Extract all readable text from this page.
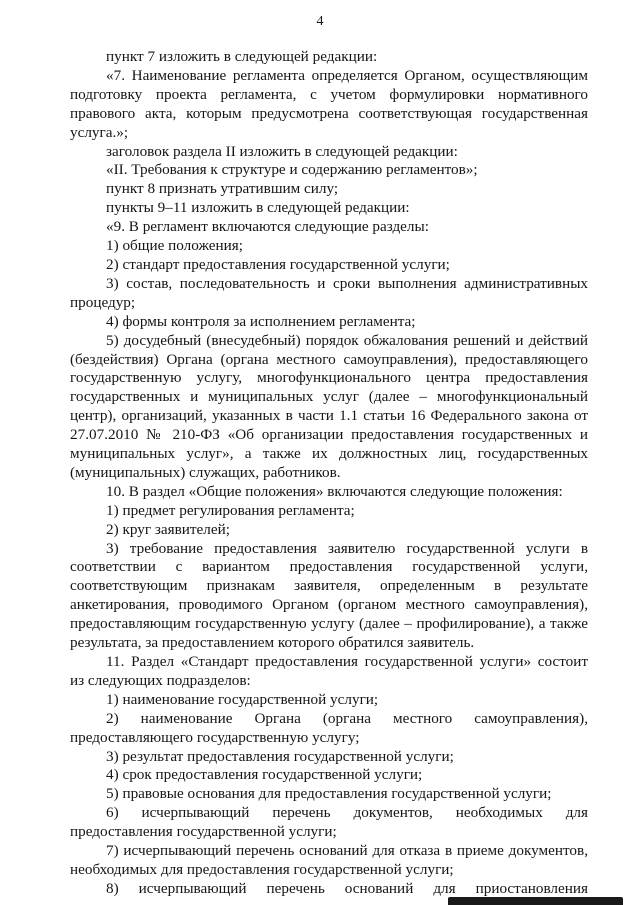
4

пункт 7 изложить в следующей редакции:

«7. Наименование регламента определяется Органом, осуществляющим подготовку проекта регламента, с учетом формулировки нормативного правового акта, которым предусмотрена соответствующая государственная услуга.»;

заголовок раздела II изложить в следующей редакции:

«II. Требования к структуре и содержанию регламентов»;

пункт 8 признать утратившим силу;

пункты 9–11 изложить в следующей редакции:

«9. В регламент включаются следующие разделы:

1) общие положения;

2) стандарт предоставления государственной услуги;

3) состав, последовательность и сроки выполнения административных процедур;

4) формы контроля за исполнением регламента;

5) досудебный (внесудебный) порядок обжалования решений и действий (бездействия) Органа (органа местного самоуправления), предоставляющего государственную услугу, многофункционального центра предоставления государственных и муниципальных услуг (далее – многофункциональный центр), организаций, указанных в части 1.1 статьи 16 Федерального закона от 27.07.2010 № 210-ФЗ «Об организации предоставления государственных и муниципальных услуг», а также их должностных лиц, государственных (муниципальных) служащих, работников.

10. В раздел «Общие положения» включаются следующие положения:

1) предмет регулирования регламента;

2) круг заявителей;

3) требование предоставления заявителю государственной услуги в соответствии с вариантом предоставления государственной услуги, соответствующим признакам заявителя, определенным в результате анкетирования, проводимого Органом (органом местного самоуправления), предоставляющим государственную услугу (далее – профилирование), а также результата, за предоставлением которого обратился заявитель.

11. Раздел «Стандарт предоставления государственной услуги» состоит из следующих подразделов:

1) наименование государственной услуги;

2) наименование Органа (органа местного самоуправления), предоставляющего государственную услугу;

3) результат предоставления государственной услуги;

4) срок предоставления государственной услуги;

5) правовые основания для предоставления государственной услуги;

6) исчерпывающий перечень документов, необходимых для предоставления государственной услуги;

7) исчерпывающий перечень оснований для отказа в приеме документов, необходимых для предоставления государственной услуги;

8) исчерпывающий перечень оснований для приостановления
